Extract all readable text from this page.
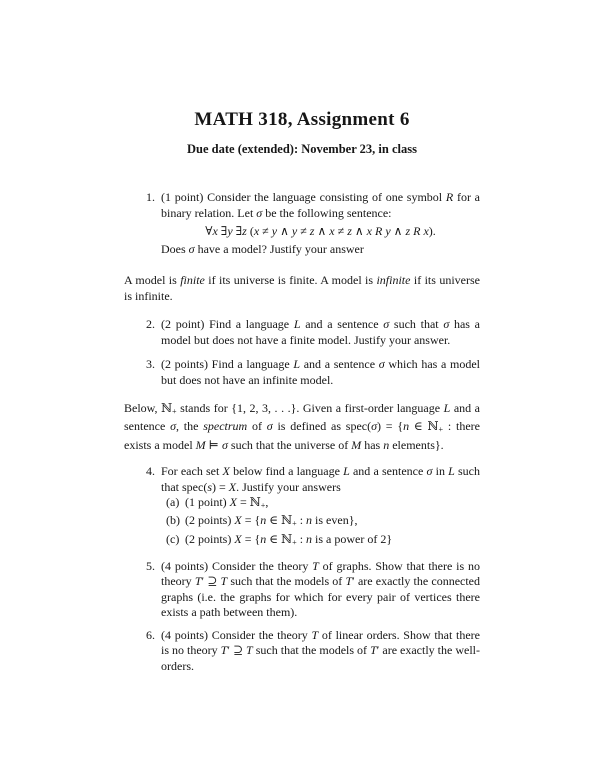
MATH 318, Assignment 6
Due date (extended): November 23, in class
1. (1 point) Consider the language consisting of one symbol R for a binary relation. Let σ be the following sentence:
∀x ∃y ∃z (x ≠ y ∧ y ≠ z ∧ x ≠ z ∧ x R y ∧ z R x).
Does σ have a model? Justify your answer

A model is finite if its universe is finite. A model is infinite if its universe is infinite.

2. (2 point) Find a language L and a sentence σ such that σ has a model but does not have a finite model. Justify your answer.
3. (2 points) Find a language L and a sentence σ which has a model but does not have an infinite model.

Below, ℕ+ stands for {1, 2, 3, . . .}. Given a first-order language L and a sentence σ, the spectrum of σ is defined as spec(σ) = {n ∈ ℕ+ : there exists a model M ⊨ σ such that the universe of M has n elements}.

4. For each set X below find a language L and a sentence σ in L such that spec(s) = X. Justify your answers
(a) (1 point) X = ℕ+,
(b) (2 points) X = {n ∈ ℕ+ : n is even},
(c) (2 points) X = {n ∈ ℕ+ : n is a power of 2}
5. (4 points) Consider the theory T of graphs. Show that there is no theory T′ ⊇ T such that the models of T′ are exactly the connected graphs (i.e. the graphs for which for every pair of vertices there exists a path between them).
6. (4 points) Consider the theory T of linear orders. Show that there is no theory T′ ⊇ T such that the models of T′ are exactly the well-orders.
